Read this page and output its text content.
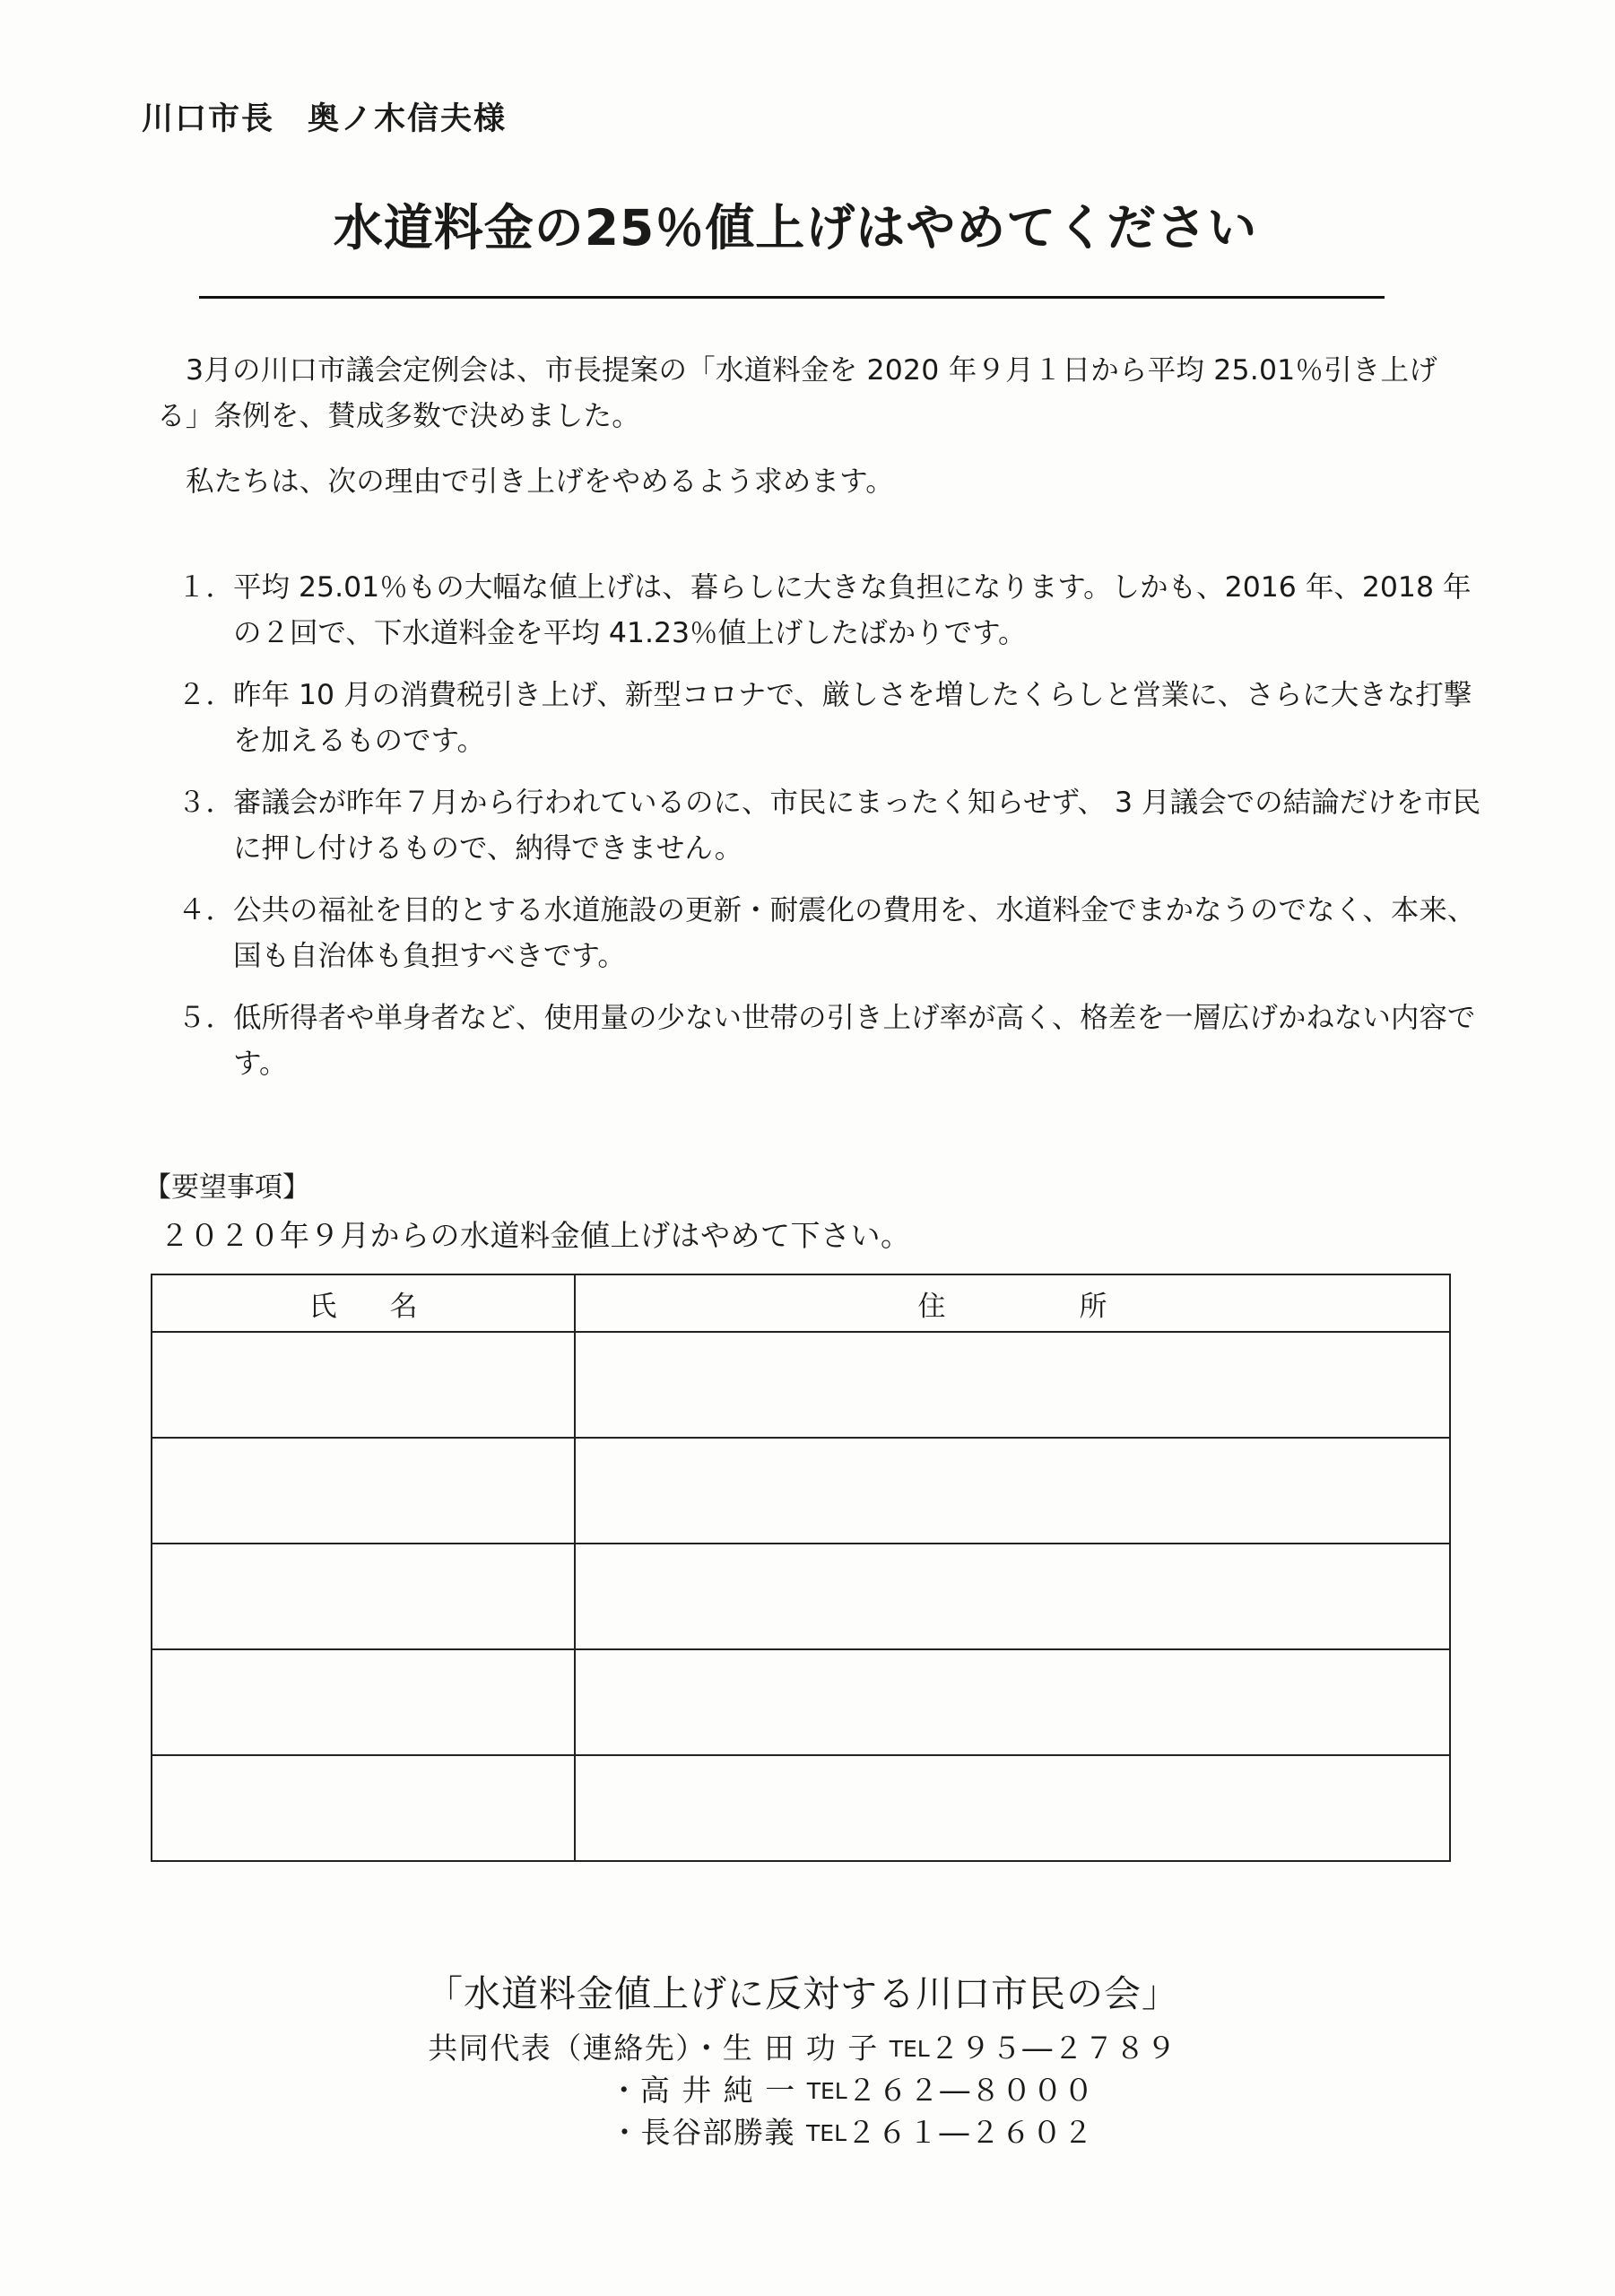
川口市長　奥ノ木信夫様
水道料金の25％値上げはやめてください
3月の川口市議会定例会は、市長提案の「水道料金を 2020 年９月１日から平均 25.01％引き上げる」条例を、賛成多数で決めました。
私たちは、次の理由で引き上げをやめるよう求めます。
１．
平均 25.01％もの大幅な値上げは、暮らしに大きな負担になります。しかも、2016 年、2018 年の２回で、下水道料金を平均 41.23％値上げしたばかりです。
２．
昨年 10 月の消費税引き上げ、新型コロナで、厳しさを増したくらしと営業に、さらに大きな打撃を加えるものです。
３．
審議会が昨年７月から行われているのに、市民にまったく知らせず、 3 月議会での結論だけを市民に押し付けるもので、納得できません。
４．
公共の福祉を目的とする水道施設の更新・耐震化の費用を、水道料金でまかなうのでなく、本来、国も自治体も負担すべきです。
５．
低所得者や単身者など、使用量の少ない世帯の引き上げ率が高く、格差を一層広げかねない内容です。
【要望事項】
２０２０年９月からの水道料金値上げはやめて下さい。
氏　名	住　　　所

「水道料金値上げに反対する川口市民の会」
共同代表（連絡先）・生 田 功 子 TEL２９５―２７８９
・高 井 純 一 TEL２６２―８０００
・長谷部勝義 TEL２６１―２６０２
